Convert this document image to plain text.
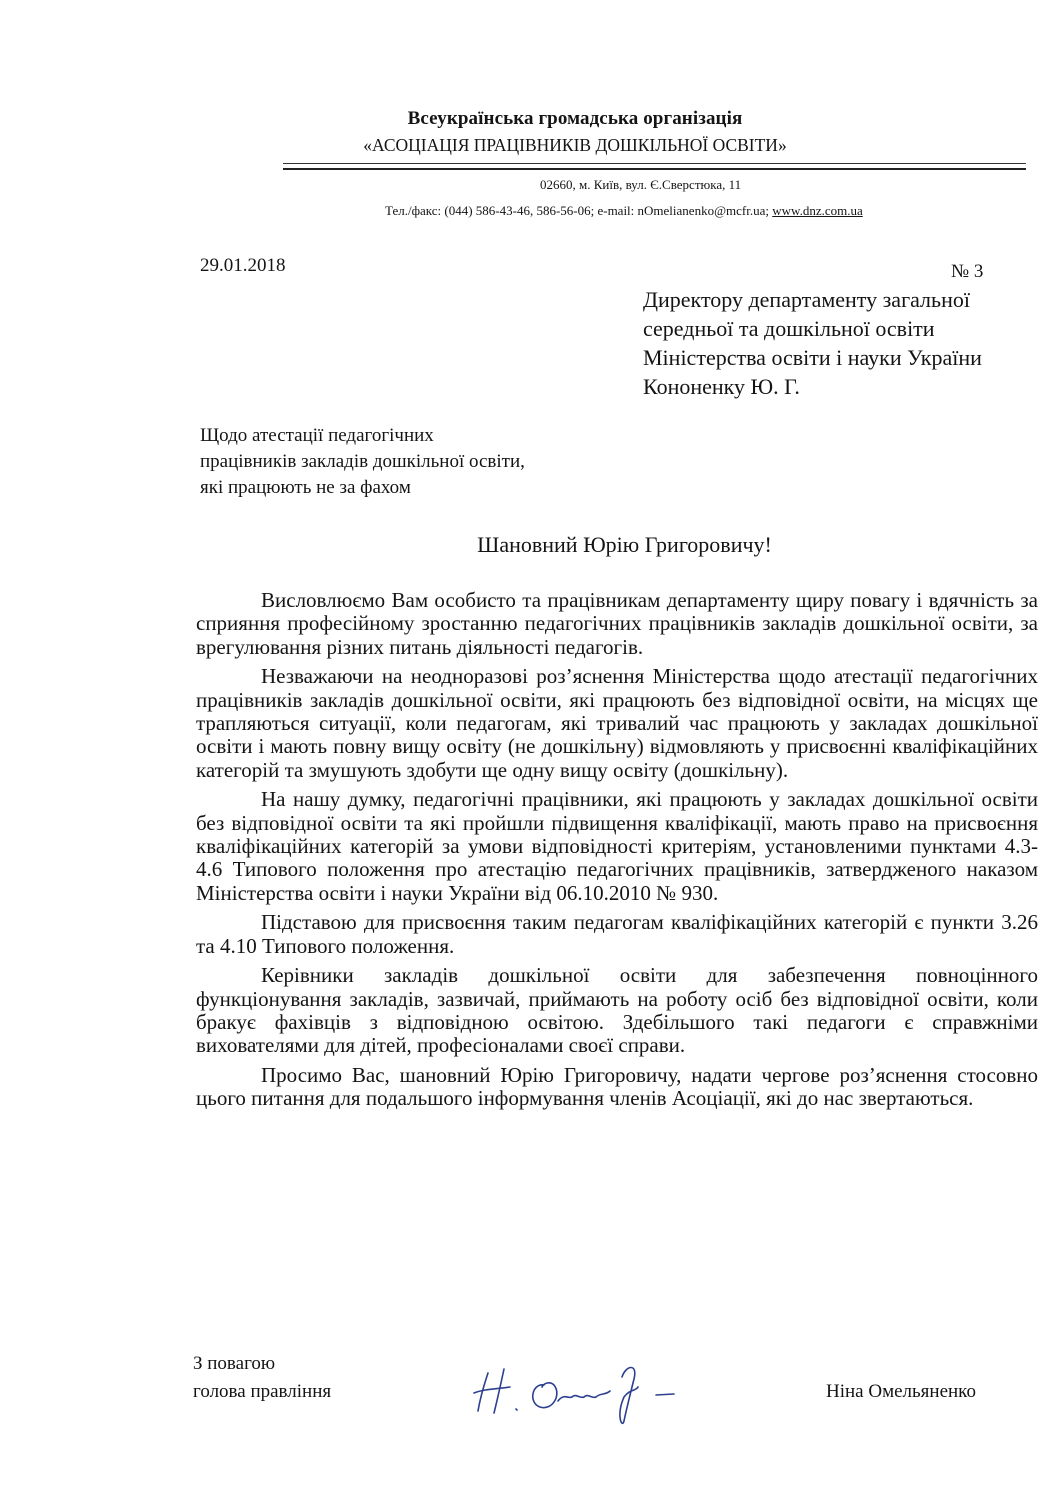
Всеукраїнська громадська організація
«АСОЦІАЦІЯ ПРАЦІВНИКІВ ДОШКІЛЬНОЇ ОСВІТИ»
02660, м. Київ, вул. Є.Сверстюка, 11
Тел./факс: (044) 586-43-46, 586-56-06; e-mail: nOmelianenko@mcfr.ua; www.dnz.com.ua
29.01.2018	№ 3
Директору департаменту загальної
середньої та дошкільної освіти
Міністерства освіти і науки України
Кононенку Ю. Г.
Щодо атестації педагогічних
працівників закладів дошкільної освіти,
які працюють не за фахом
Шановний Юрію Григоровичу!

Висловлюємо Вам особисто та працівникам департаменту щиру повагу і вдячність за сприяння професійному зростанню педагогічних працівників закладів дошкільної освіти, за врегулювання різних питань діяльності педагогів.

Незважаючи на неодноразові роз’яснення Міністерства щодо атестації педагогічних працівників закладів дошкільної освіти, які працюють без відповідної освіти, на місцях ще трапляються ситуації, коли педагогам, які тривалий час працюють у закладах дошкільної освіти і мають повну вищу освіту (не дошкільну) відмовляють у присвоєнні кваліфікаційних категорій та змушують здобути ще одну вищу освіту (дошкільну).

На нашу думку, педагогічні працівники, які працюють у закладах дошкільної освіти без відповідної освіти та які пройшли підвищення кваліфікації, мають право на присвоєння кваліфікаційних категорій за умови відповідності критеріям, установленими пунктами 4.3-4.6 Типового положення про атестацію педагогічних працівників, затвердженого наказом Міністерства освіти і науки України від 06.10.2010 № 930.

Підставою для присвоєння таким педагогам кваліфікаційних категорій є пункти 3.26 та 4.10 Типового положення.

Керівники закладів дошкільної освіти для забезпечення повноцінного функціонування закладів, зазвичай, приймають на роботу осіб без відповідної освіти, коли бракує фахівців з відповідною освітою. Здебільшого такі педагоги є справжніми вихователями для дітей, професіоналами своєї справи.

Просимо Вас, шановний Юрію Григоровичу, надати чергове роз’яснення стосовно цього питання для подальшого інформування членів Асоціації, які до нас звертаються.

З повагою
голова правління	Ніна Омельяненко
